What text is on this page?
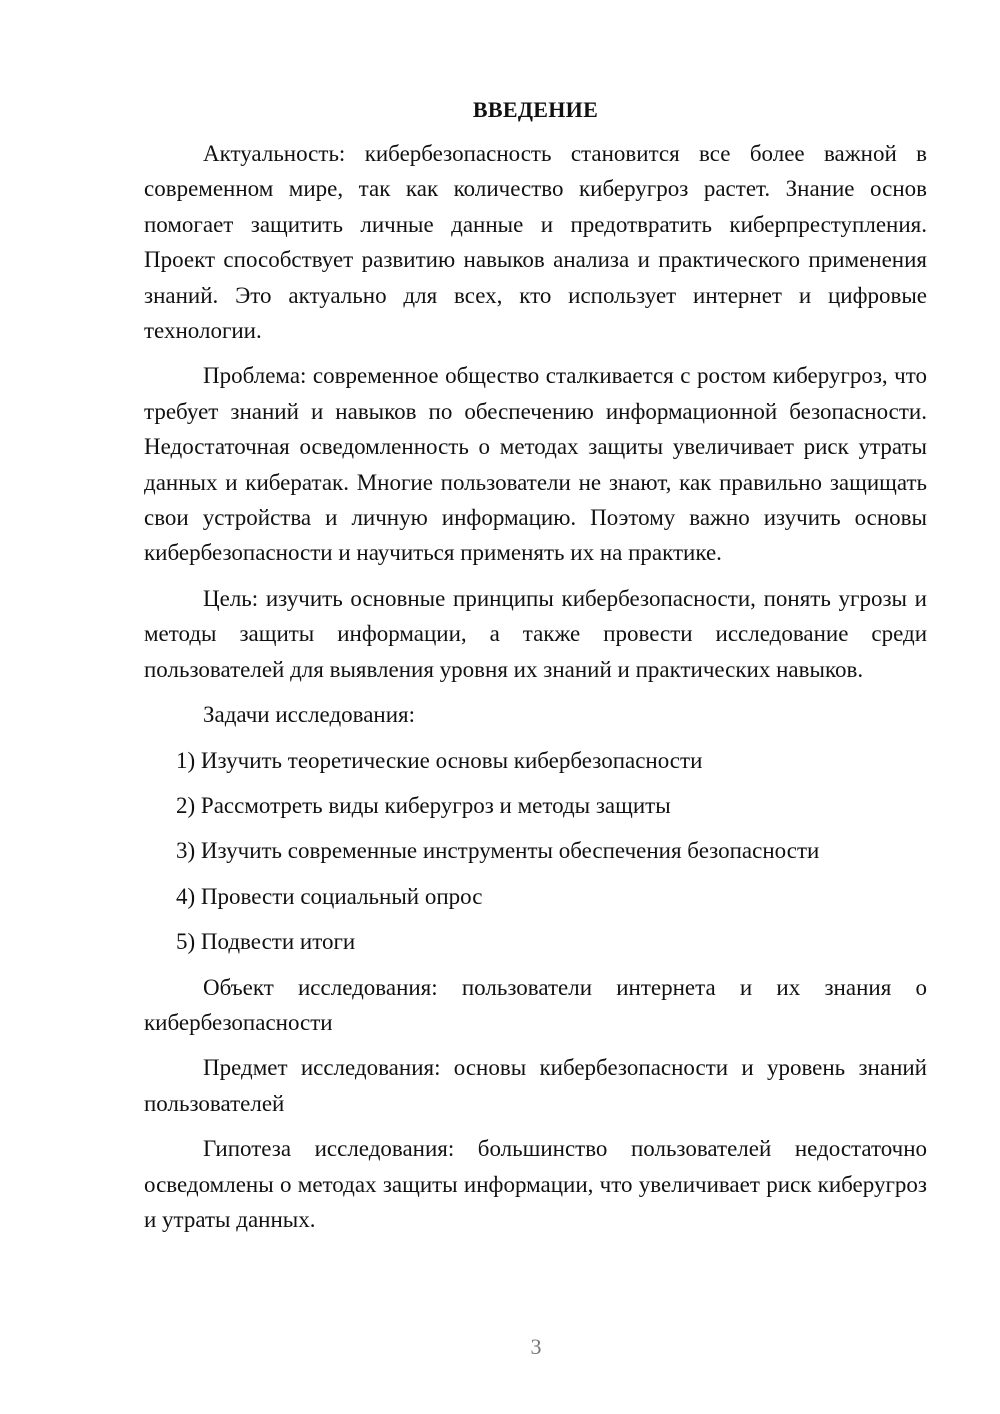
ВВЕДЕНИЕ

Актуальность: кибербезопасность становится все более важной в современном мире, так как количество киберугроз растет. Знание основ помогает защитить личные данные и предотвратить киберпреступления. Проект способствует развитию навыков анализа и практического применения знаний. Это актуально для всех, кто использует интернет и цифровые технологии.

Проблема: современное общество сталкивается с ростом киберугроз, что требует знаний и навыков по обеспечению информационной безопасности. Недостаточная осведомленность о методах защиты увеличивает риск утраты данных и кибератак. Многие пользователи не знают, как правильно защищать свои устройства и личную информацию. Поэтому важно изучить основы кибербезопасности и научиться применять их на практике.

Цель: изучить основные принципы кибербезопасности, понять угрозы и методы защиты информации, а также провести исследование среди пользователей для выявления уровня их знаний и практических навыков.

Задачи исследования:

1) Изучить теоретические основы кибербезопасности
2) Рассмотреть виды киберугроз и методы защиты
3) Изучить современные инструменты обеспечения безопасности
4) Провести социальный опрос
5) Подвести итоги

Объект исследования: пользователи интернета и их знания о кибербезопасности

Предмет исследования: основы кибербезопасности и уровень знаний пользователей

Гипотеза исследования: большинство пользователей недостаточно осведомлены о методах защиты информации, что увеличивает риск киберугроз и утраты данных.

3
